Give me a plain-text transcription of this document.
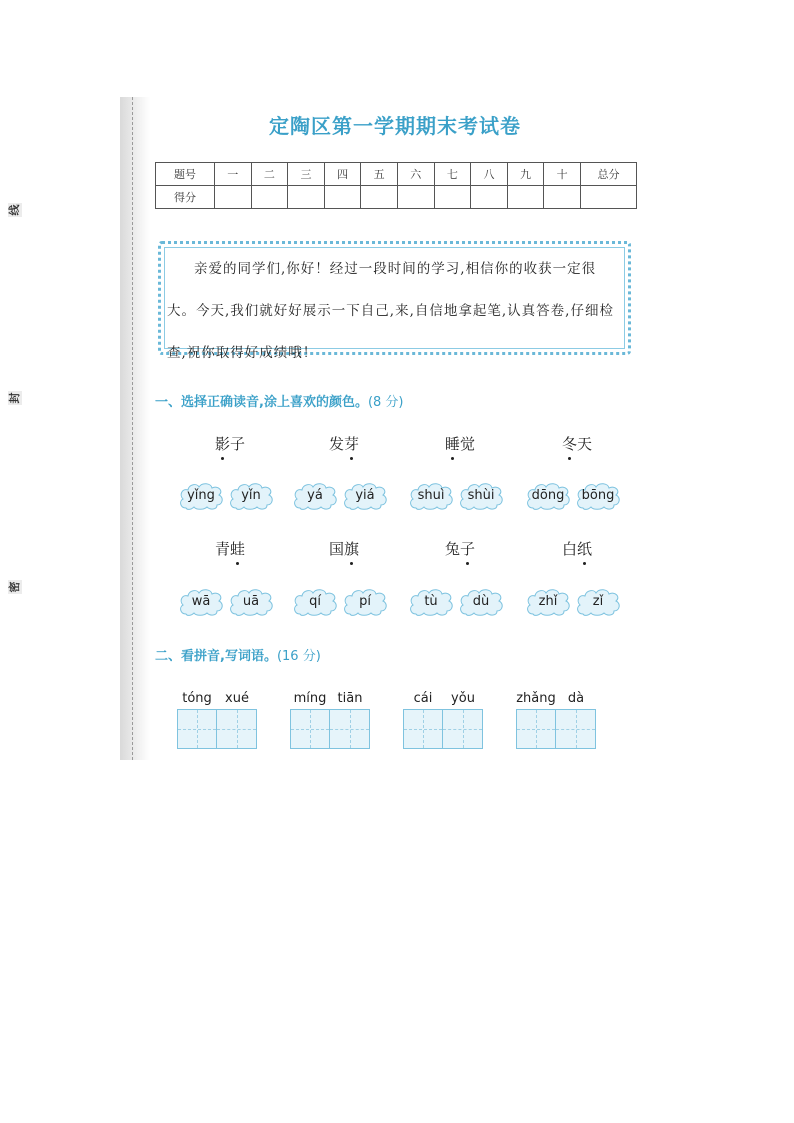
线
封
密
定陶区第一学期期末考试卷
题号	一	二	三	四	五	六	七	八	九	十	总分
得分											

亲爱的同学们,你好！经过一段时间的学习,相信你的收获一定很大。今天,我们就好好展示一下自己,来,自信地拿起笔,认真答卷,仔细检查,祝你取得好成绩哦！

一、选择正确读音,涂上喜欢的颜色。(8 分)
影子
yǐng	yǐn
发芽
yá	yiá
睡觉
shuì	shùi
冬天
dōng	bōng
青蛙
wā	uā
国旗
qí	pí
兔子
tù	dù
白纸
zhǐ	zǐ
二、看拼音,写词语。(16 分)
tóng	xué	míng tiān	cái	yǒu	zhǎng dà
